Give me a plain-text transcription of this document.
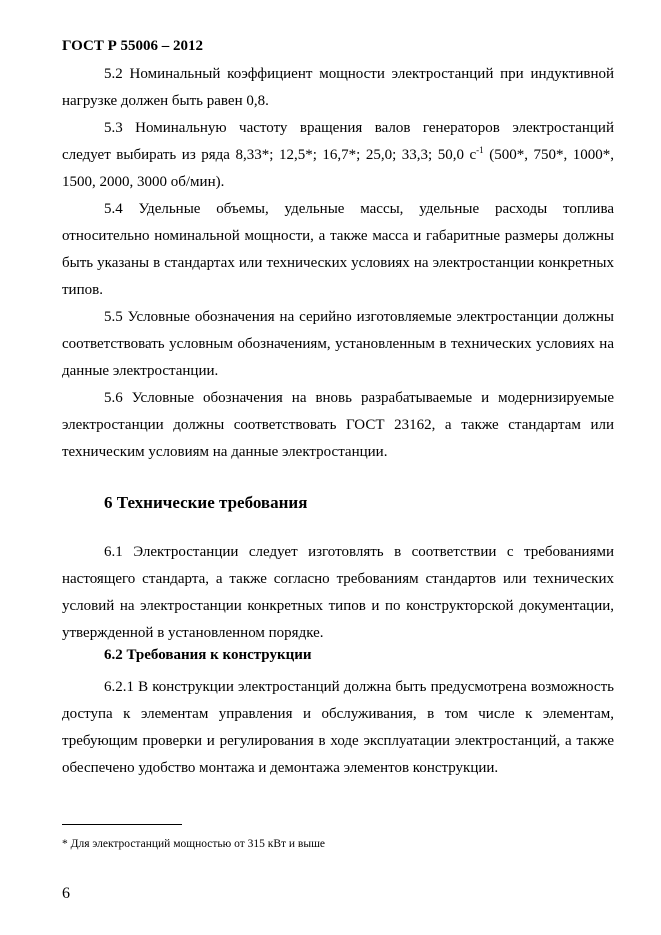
ГОСТ Р 55006 – 2012

5.2 Номинальный коэффициент мощности электростанций при индуктивной нагрузке должен быть равен 0,8.

5.3 Номинальную частоту вращения валов генераторов электростанций следует выбирать из ряда 8,33*; 12,5*; 16,7*; 25,0; 33,3; 50,0 $с^{-1}$ (500*, 750*, 1000*, 1500, 2000, 3000 об/мин).

5.4 Удельные объемы, удельные массы, удельные расходы топлива относительно номинальной мощности, а также масса и габаритные размеры должны быть указаны в стандартах или технических условиях на электростанции конкретных типов.

5.5 Условные обозначения на серийно изготовляемые электростанции должны соответствовать условным обозначениям, установленным в технических условиях на данные электростанции.

5.6 Условные обозначения на вновь разрабатываемые и модернизируемые электростанции должны соответствовать ГОСТ 23162, а также стандартам или техническим условиям на данные электростанции.

6 Технические требования

6.1 Электростанции следует изготовлять в соответствии с требованиями настоящего стандарта, а также согласно требованиям стандартов или технических условий на электростанции конкретных типов и по конструкторской документации, утвержденной в установленном порядке.

6.2 Требования к конструкции

6.2.1 В конструкции электростанций должна быть предусмотрена возможность доступа к элементам управления и обслуживания, в том числе к элементам, требующим проверки и регулирования в ходе эксплуатации электростанций, а также обеспечено удобство монтажа и демонтажа элементов конструкции.

* Для электростанций мощностью от 315 кВт и выше
6
